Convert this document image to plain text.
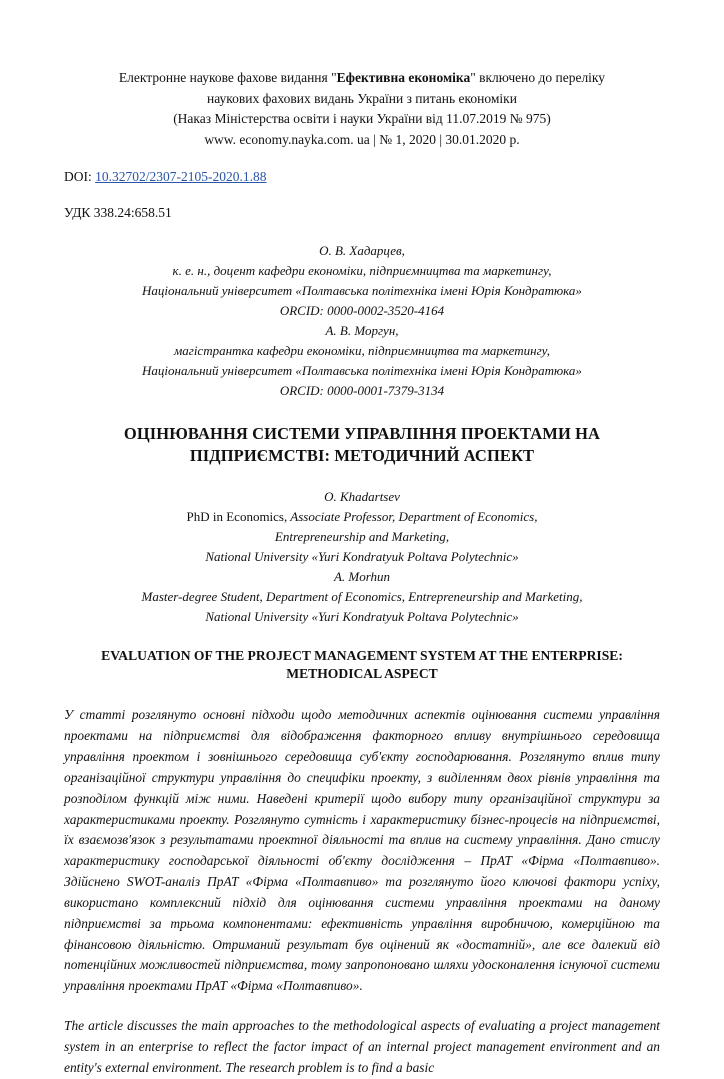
Електронне наукове фахове видання "Ефективна економіка" включено до переліку
наукових фахових видань України з питань економіки
(Наказ Міністерства освіти і науки України від 11.07.2019 № 975)
www. economy.nayka.com. ua | № 1, 2020 | 30.01.2020 р.
DOI: 10.32702/2307-2105-2020.1.88
УДК 338.24:658.51
О. В. Хадарцев,
к. е. н., доцент кафедри економіки, підприємництва та маркетингу,
Національний університет «Полтавська політехніка імені Юрія Кондратюка»
ORCID: 0000-0002-3520-4164
А. В. Моргун,
магістрантка кафедри економіки, підприємництва та маркетингу,
Національний університет «Полтавська політехніка імені Юрія Кондратюка»
ORCID: 0000-0001-7379-3134
ОЦІНЮВАННЯ СИСТЕМИ УПРАВЛІННЯ ПРОЕКТАМИ НА ПІДПРИЄМСТВІ: МЕТОДИЧНИЙ АСПЕКТ
O. Khadartsev
PhD in Economics, Associate Professor, Department of Economics,
Entrepreneurship and Marketing,
National University «Yuri Kondratyuk Poltava Polytechnic»
A. Morhun
Master-degree Student, Department of Economics, Entrepreneurship and Marketing,
National University «Yuri Kondratyuk Poltava Polytechnic»
EVALUATION OF THE PROJECT MANAGEMENT SYSTEM AT THE ENTERPRISE: METHODICAL ASPECT
У статті розглянуто основні підходи щодо методичних аспектів оцінювання системи управління проектами на підприємстві для відображення факторного впливу внутрішнього середовища управління проектом і зовнішнього середовища суб'єкту господарювання. Розглянуто вплив типу організаційної структури управління до специфіки проекту, з виділенням двох рівнів управління та розподілом функцій між ними. Наведені критерії щодо вибору типу організаційної структури за характеристиками проекту. Розглянуто сутність і характеристику бізнес-процесів на підприємстві, їх взаємозв'язок з результатами проектної діяльності та вплив на систему управління. Дано стислу характеристику господарської діяльності об'єкту дослідження – ПрАТ «Фірма «Полтавпиво». Здійснено SWOT-аналіз ПрАТ «Фірма «Полтавпиво» та розглянуто його ключові фактори успіху, використано комплексний підхід для оцінювання системи управління проектами на даному підприємстві за трьома компонентами: ефективність управління виробничою, комерційною та фінансовою діяльністю. Отриманий результат був оцінений як «достатній», але все далекий від потенційних можливостей підприємства, тому запропоновано шляхи удосконалення існуючої системи управління проектами ПрАТ «Фірма «Полтавпиво».
The article discusses the main approaches to the methodological aspects of evaluating a project management system in an enterprise to reflect the factor impact of an internal project management environment and an entity's external environment. The research problem is to find a basic
